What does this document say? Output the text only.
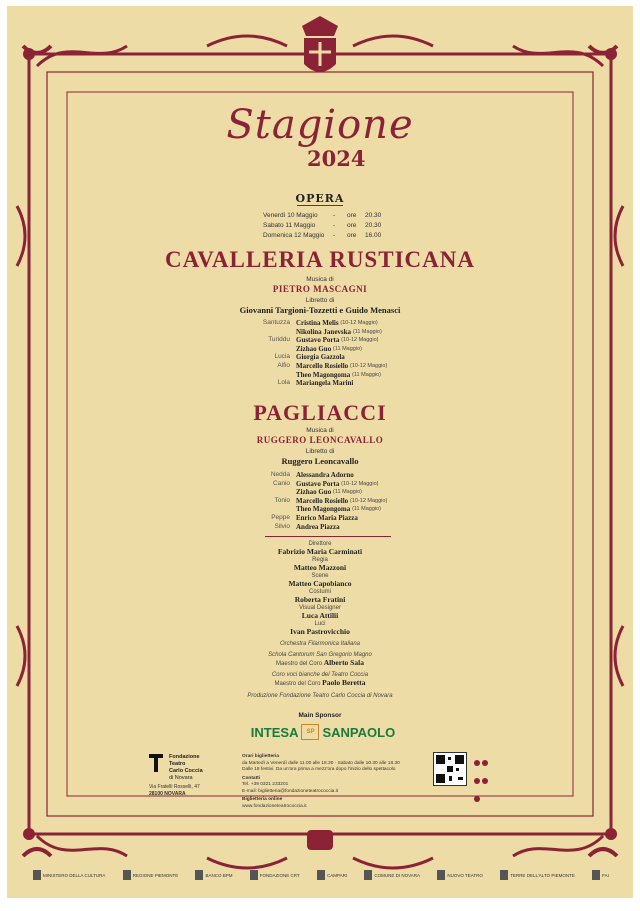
Stagione
2024
OPERA
Venerdì 10 Maggio	-	ore	20.30
Sabato 11 Maggio	-	ore	20.30
Domenica 12 Maggio	-	ore	16.00
CAVALLERIA RUSTICANA
Musica di
PIETRO MASCAGNI
Libretto di
Giovanni Targioni-Tozzetti e Guido Menasci
Santuzza Cristina Melis
(10-12 Maggio)
Nikolina Janevska
(11 Maggio)
Turiddu Gustavo Porta
(10-12 Maggio)
Zizhao Guo
(11 Maggio)
Lucia Giorgia Gazzola

Alfio Marcello Rosiello
(10-12 Maggio)
Theo Magongoma
(11 Maggio)
Lola Mariangela Marini

PAGLIACCI
Musica di
RUGGERO LEONCAVALLO
Libretto di
Ruggero Leoncavallo
Nedda Alessandra Adorno

Canio Gustavo Porta
(10-12 Maggio)
Zizhao Guo
(11 Maggio)
Tonio Marcello Rosiello
(10-12 Maggio)
Theo Magongoma
(11 Maggio)
Peppe Enrico Maria Piazza

Silvio Andrea Piazza

Direttore
Fabrizio Maria Carminati
Regia
Matteo Mazzoni
Scene
Matteo Capobianco
Costumi
Roberta Fratini
Visual Designer
Luca Attilii
Luci
Ivan Pastrovicchio
Orchestra Filarmonica Italiana
Schola Cantorum San Gregorio Magno
Maestro del Coro Alberto Sala
Coro voci bianche del Teatro Coccia
Maestro del Coro Paolo Beretta
Produzione Fondazione Teatro Carlo Coccia di Novara
Main Sponsor
INTESA	SP SANPAOLO
Fondazione
Teatro
Carlo Coccia
di Novara
Via Fratelli Rosselli, 47
28100 NOVARA
Orari biglietteria
da Martedì a Venerdì dalle 11.00 alle 18.30 · Sabato dalle 10.30 alle 18.30
Dalle 18 festivi. Da un'ora prima a mezz'ora dopo l'inizio dello spettacolo
Contatti
Tel. +39 0321 233201
E-mail: biglietteria@fondazioneteatrococcia.it
Biglietteria online
www.fondazioneteatrococcia.it

MINISTERO DELLA CULTURA	REGIONE PIEMONTE	BANCO BPM	FONDAZIONE CRT	CAMPARI	COMUNE DI NOVARA	NUOVO TEATRO	TERRE DELL'ALTO PIEMONTE	FAI
